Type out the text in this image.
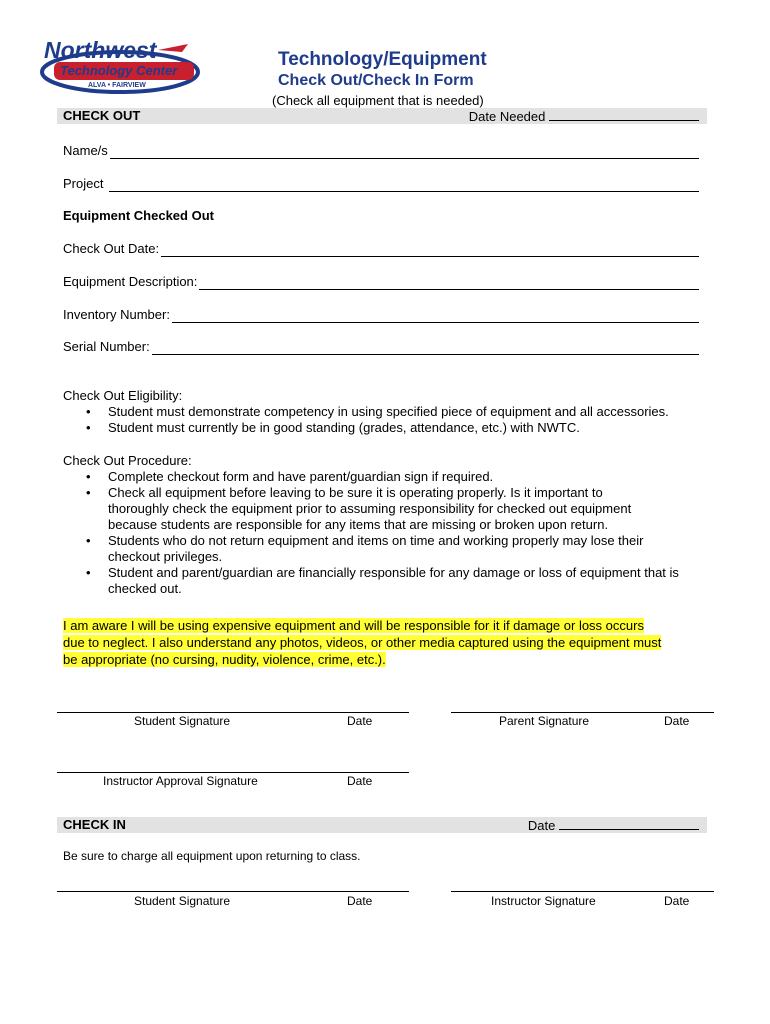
Northwest
Technology Center
ALVA • FAIRVIEW
Technology/Equipment
Check Out/Check In Form
(Check all equipment that is needed)
CHECK OUT	Date Needed
Name/s
Project
Equipment Checked Out
Check Out Date:
Equipment Description:
Inventory Number:
Serial Number:
Check Out Eligibility:
• Student must demonstrate competency in using specified piece of equipment and all accessories.
• Student must currently be in good standing (grades, attendance, etc.) with NWTC.
Check Out Procedure:
• Complete checkout form and have parent/guardian sign if required.
• Check all equipment before leaving to be sure it is operating properly. Is it important to thoroughly check the equipment prior to assuming responsibility for checked out equipment because students are responsible for any items that are missing or broken upon return.
• Students who do not return equipment and items on time and working properly may lose their checkout privileges.
• Student and parent/guardian are financially responsible for any damage or loss of equipment that is checked out.
I am aware I will be using expensive equipment and will be responsible for it if damage or loss occurs
due to neglect. I also understand any photos, videos, or other media captured using the equipment must
be appropriate (no cursing, nudity, violence, crime, etc.).
Student Signature	Date	Parent Signature	Date
Instructor Approval Signature	Date
CHECK IN	Date
Be sure to charge all equipment upon returning to class.
Student Signature	Date	Instructor Signature	Date
